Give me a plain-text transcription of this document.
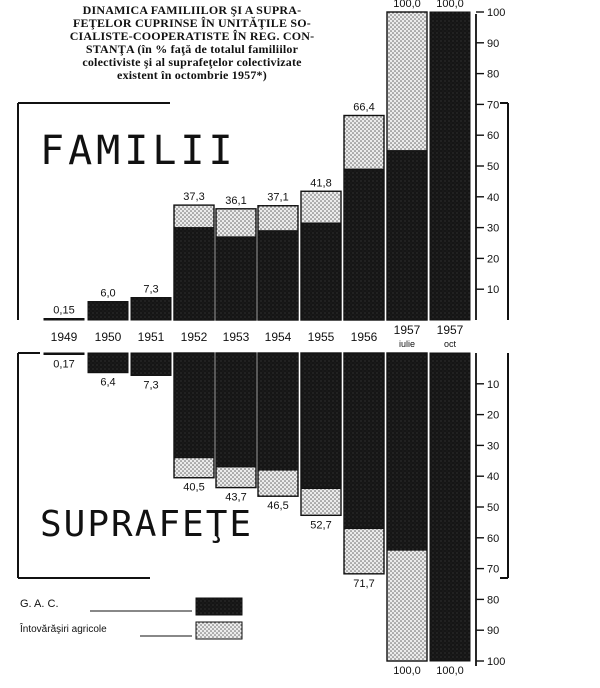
DINAMICA FAMILIILOR ŞI A SUPRA-
FEŢELOR CUPRINSE ÎN UNITĂŢILE SO-
CIALISTE-COOPERATISTE ÎN REG. CON-
STANŢA (în % faţă de totalul familiilor
colectiviste şi al suprafeţelor colectivizate
existent în octombrie 1957*)
FAMILII
SUPRAFEŢE
G. A. C.
Întovărăşiri agricole
0,15
6,0	7,3
37,3 36,1 37,1
41,8
66,4
100,0 100,0
0,17
6,4	7,3
40,5
43,7
46,5
52,7
71,7
100,0 100,0
1949 1950 1951 1952 1953 1954 1955 1956 1957
iulie
1957
oct
10
10
20
20
30
30
40
40
50
50
60
60
70
70
80
80
90
90
100
100
